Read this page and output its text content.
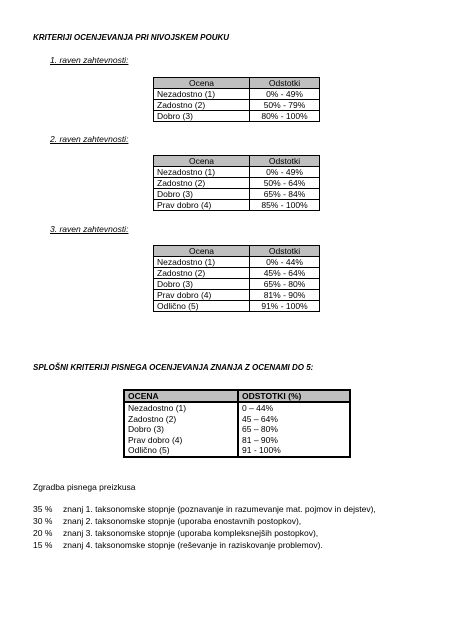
KRITERIJI OCENJEVANJA PRI NIVOJSKEM POUKU
1. raven zahtevnosti:
Ocena	Odstotki
Nezadostno (1)	0% - 49%
Zadostno (2)	50% - 79%
Dobro (3)	80% - 100%
2. raven zahtevnosti:
Ocena	Odstotki
Nezadostno (1)	0% - 49%
Zadostno (2)	50% - 64%
Dobro (3)	65% - 84%
Prav dobro (4)	85% - 100%
3. raven zahtevnosti:
Ocena	Odstotki
Nezadostno (1)	0% - 44%
Zadostno (2)	45% - 64%
Dobro (3)	65% - 80%
Prav dobro (4)	81% - 90%
Odlično (5)	91% - 100%
SPLOŠNI KRITERIJI PISNEGA OCENJEVANJA ZNANJA Z OCENAMI DO 5:
OCENA	ODSTOTKI (%)
Nezadostno (1)	0 – 44%
Zadostno (2)	45 – 64%
Dobro (3)	65 – 80%
Prav dobro (4)	81 – 90%
Odlično (5)	91 - 100%
Zgradba pisnega preizkusa
35 % znanj 1. taksonomske stopnje (poznavanje in razumevanje mat. pojmov in dejstev),
30 % znanj 2. taksonomske stopnje (uporaba enostavnih postopkov),
20 % znanj 3. taksonomske stopnje (uporaba kompleksnejših postopkov),
15 % znanj 4. taksonomske stopnje (reševanje in raziskovanje problemov).
